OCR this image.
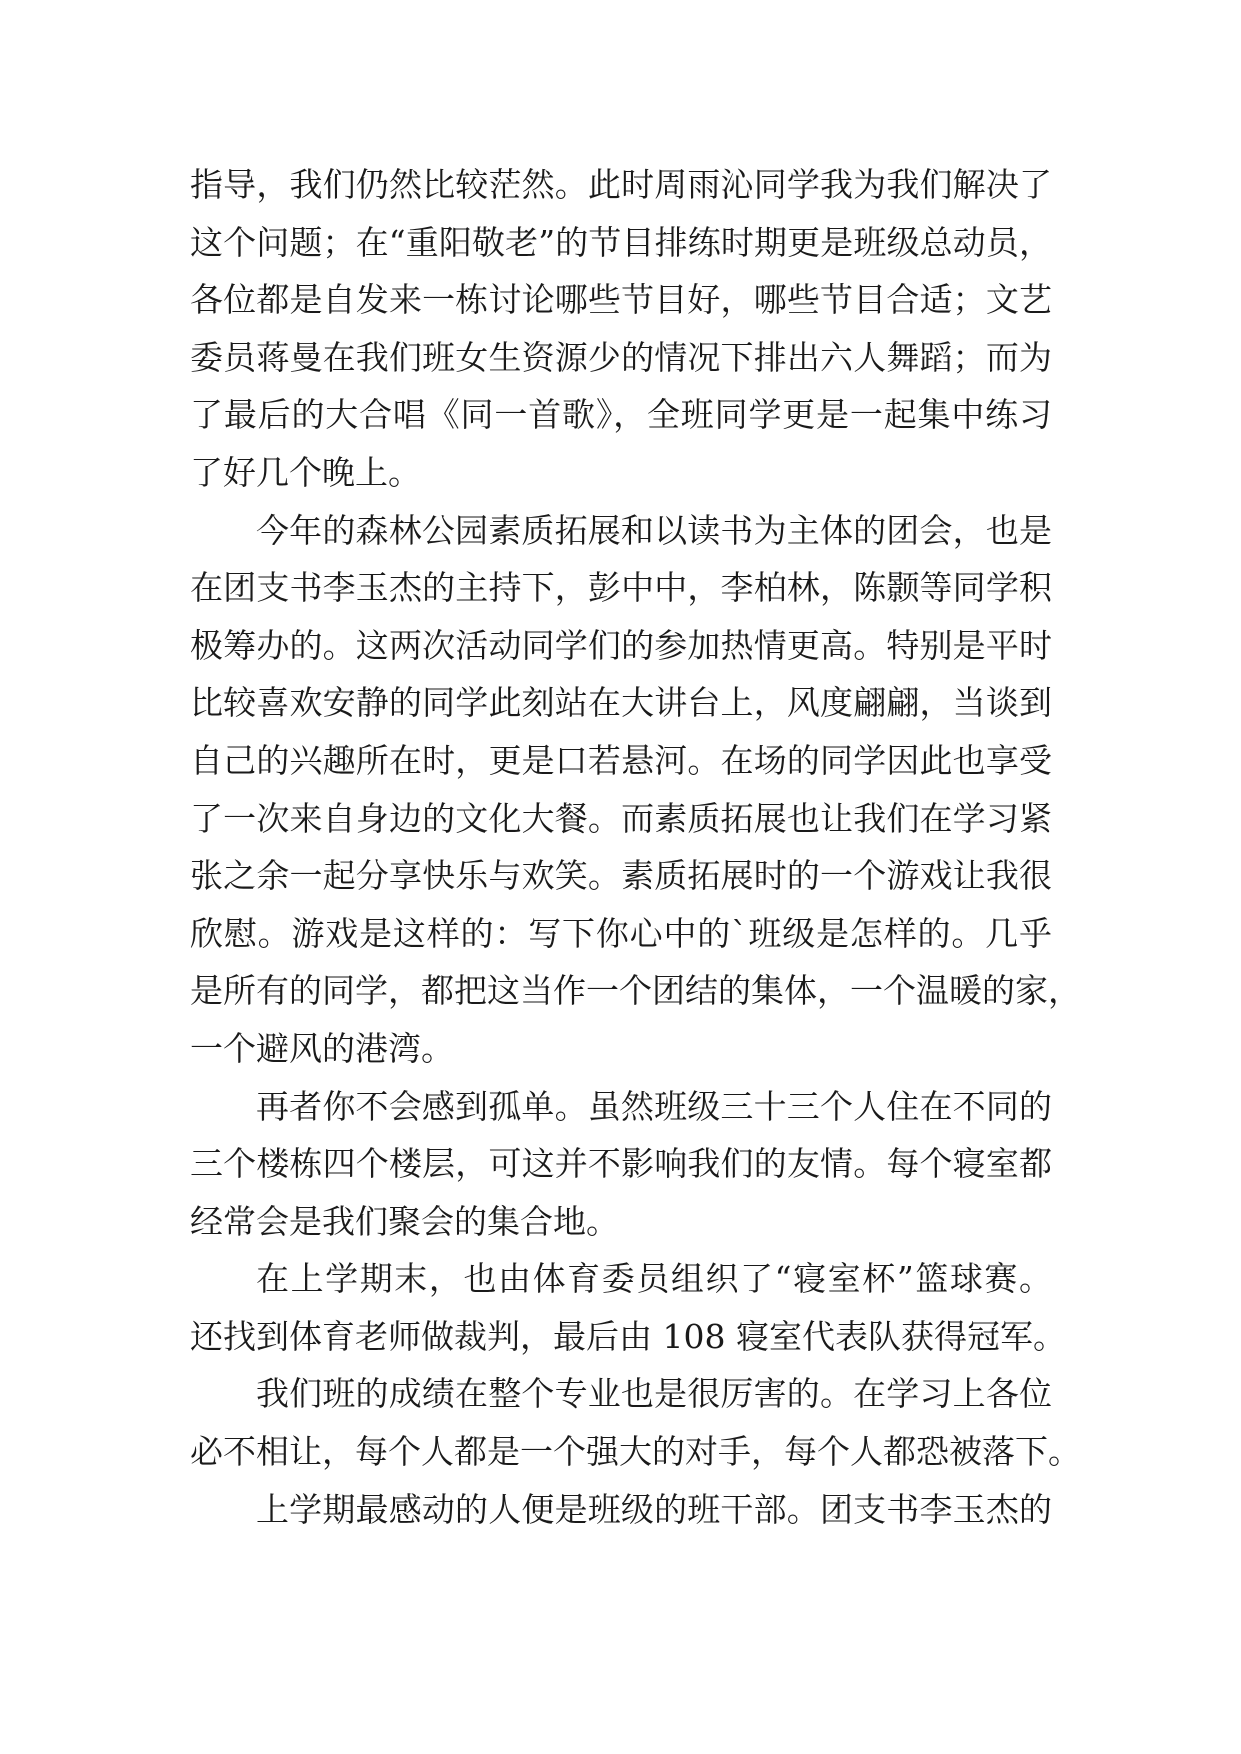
指导，我们仍然比较茫然。此时周雨沁同学我为我们解决了
这个问题；在“重阳敬老”的节目排练时期更是班级总动员，
各位都是自发来一栋讨论哪些节目好，哪些节目合适；文艺
委员蒋曼在我们班女生资源少的情况下排出六人舞蹈；而为
了最后的大合唱《同一首歌》，全班同学更是一起集中练习
了好几个晚上。
今年的森林公园素质拓展和以读书为主体的团会，也是
在团支书李玉杰的主持下，彭中中，李柏林，陈颢等同学积
极筹办的。这两次活动同学们的参加热情更高。特别是平时
比较喜欢安静的同学此刻站在大讲台上，风度翩翩，当谈到
自己的兴趣所在时，更是口若悬河。在场的同学因此也享受
了一次来自身边的文化大餐。而素质拓展也让我们在学习紧
张之余一起分享快乐与欢笑。素质拓展时的一个游戏让我很
欣慰。游戏是这样的：写下你心中的`班级是怎样的。几乎
是所有的同学，都把这当作一个团结的集体，一个温暖的家，
一个避风的港湾。
再者你不会感到孤单。虽然班级三十三个人住在不同的
三个楼栋四个楼层，可这并不影响我们的友情。每个寝室都
经常会是我们聚会的集合地。
在上学期末，也由体育委员组织了“寝室杯”篮球赛。
还找到体育老师做裁判，最后由 108 寝室代表队获得冠军。
我们班的成绩在整个专业也是很厉害的。在学习上各位
必不相让，每个人都是一个强大的对手，每个人都恐被落下。
上学期最感动的人便是班级的班干部。团支书李玉杰的
